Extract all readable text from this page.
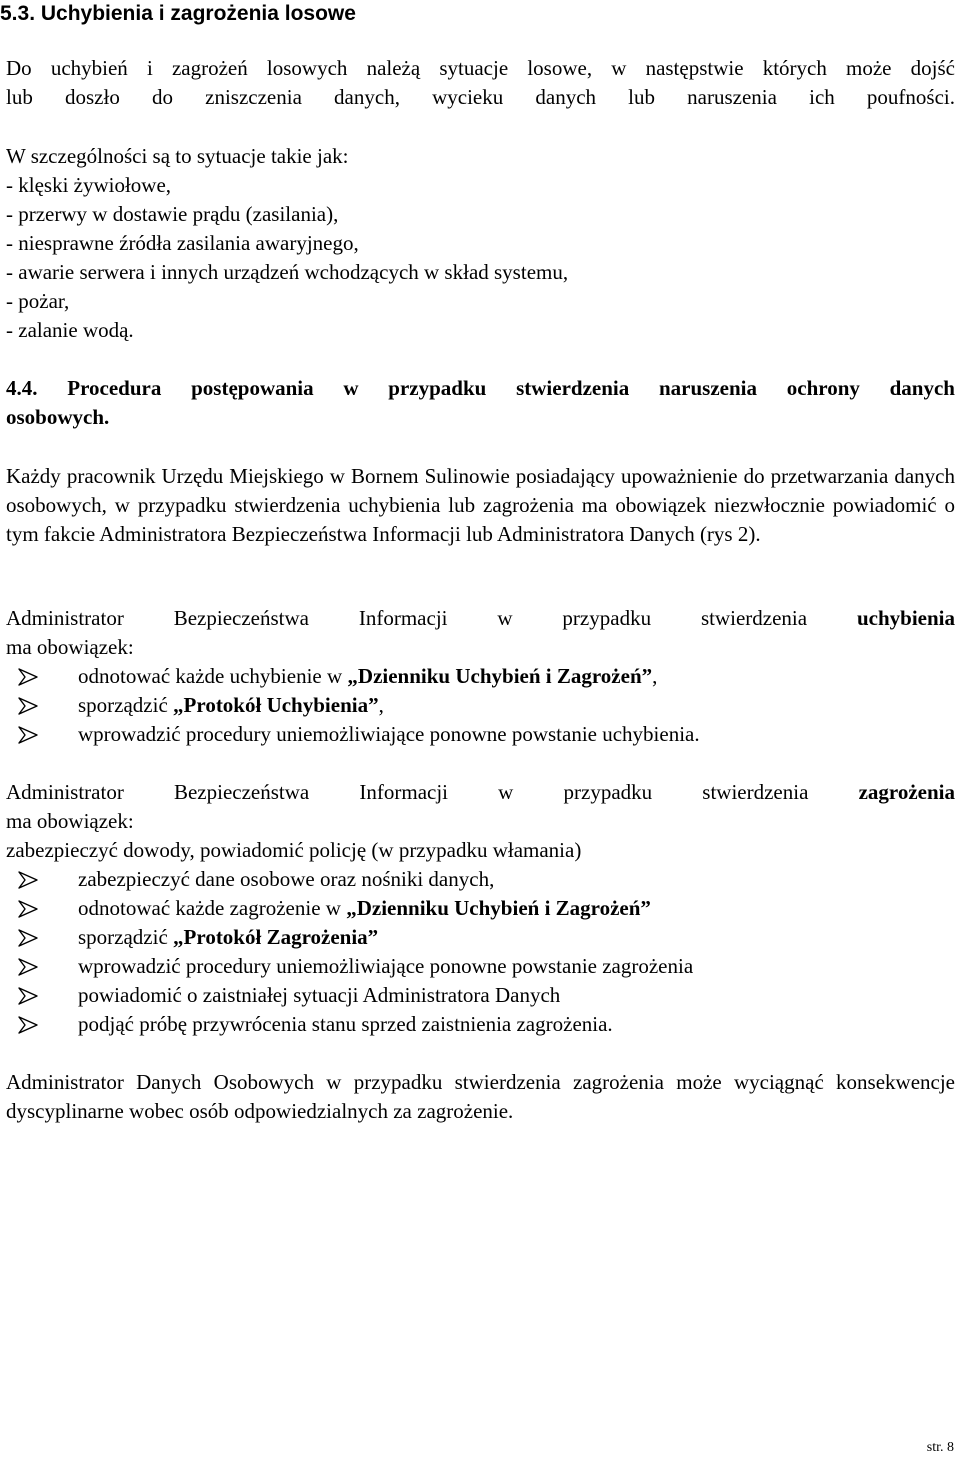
5.3. Uchybienia i zagrożenia losowe

Do uchybień i zagrożeń losowych należą sytuacje losowe, w następstwie których może dojść

lub doszło do zniszczenia danych, wycieku danych lub naruszenia ich poufności.

W szczególności są to sytuacje takie jak:

- klęski żywiołowe,

- przerwy w dostawie prądu (zasilania),

- niesprawne źródła zasilania awaryjnego,

- awarie serwera i innych urządzeń wchodzących w skład systemu,

- pożar,

- zalanie wodą.

4.4. Procedura postępowania w przypadku stwierdzenia naruszenia ochrony danych

osobowych.

Każdy pracownik Urzędu Miejskiego w Bornem Sulinowie posiadający upoważnienie do przetwarzania danych osobowych, w przypadku stwierdzenia uchybienia lub zagrożenia ma obowiązek niezwłocznie powiadomić o tym fakcie Administratora Bezpieczeństwa Informacji lub Administratora Danych (rys 2).

Administrator Bezpieczeństwa Informacji w przypadku stwierdzenia uchybienia

ma obowiązek:

odnotować każde uchybienie w „Dzienniku Uchybień i Zagrożeń”,
sporządzić „Protokół Uchybienia”,
wprowadzić procedury uniemożliwiające ponowne powstanie uchybienia.

Administrator Bezpieczeństwa Informacji w przypadku stwierdzenia zagrożenia

ma obowiązek:

zabezpieczyć dowody, powiadomić policję (w przypadku włamania)

zabezpieczyć dane osobowe oraz nośniki danych,
odnotować każde zagrożenie w „Dzienniku Uchybień i Zagrożeń”
sporządzić „Protokół Zagrożenia”
wprowadzić procedury uniemożliwiające ponowne powstanie zagrożenia
powiadomić o zaistniałej sytuacji Administratora Danych
podjąć próbę przywrócenia stanu sprzed zaistnienia zagrożenia.

Administrator Danych Osobowych w przypadku stwierdzenia zagrożenia może wyciągnąć konsekwencje dyscyplinarne wobec osób odpowiedzialnych za zagrożenie.

str. 8
